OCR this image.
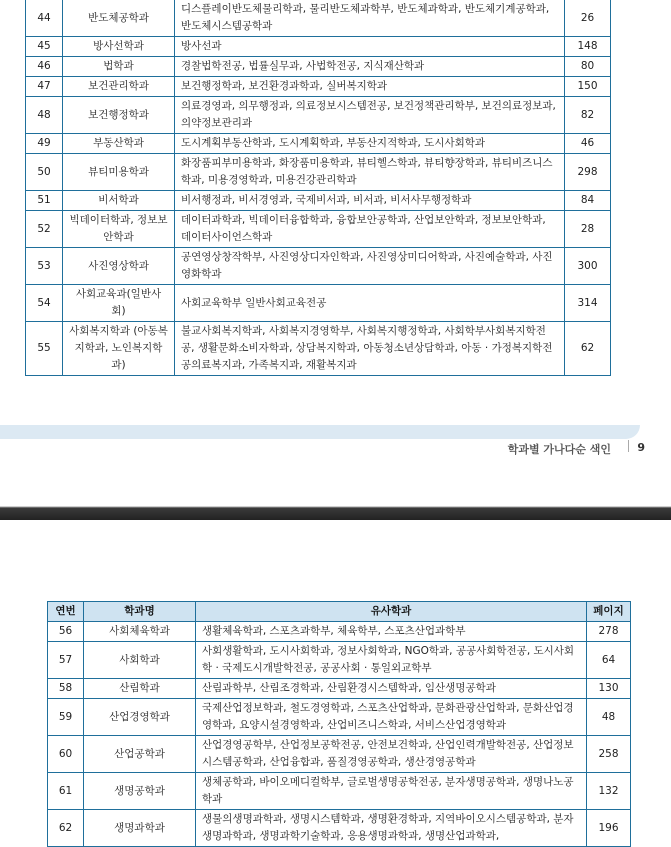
44	반도체공학과	디스플레이반도체물리학과, 물리반도체과학부, 반도체과학과, 반도체기계공학과, 반도체시스템공학과	26
45	방사선학과	방사선과	148
46	법학과	경찰법학전공, 법률실무과, 사법학전공, 지식재산학과	80
47	보건관리학과	보건행정학과, 보건환경과학과, 실버복지학과	150
48	보건행정학과	의료경영과, 의무행정과, 의료정보시스템전공, 보건정책관리학부, 보건의료정보과, 의약정보관리과	82
49	부동산학과	도시계획부동산학과, 도시계획학과, 부동산지적학과, 도시사회학과	46
50	뷰티미용학과	화장품피부미용학과, 화장품미용학과, 뷰티헬스학과, 뷰티향장학과, 뷰티비즈니스학과, 미용경영학과, 미용건강관리학과	298
51	비서학과	비서행정과, 비서경영과, 국제비서과, 비서과, 비서사무행정학과	84
52	빅데이터학과, 정보보안학과	데이터과학과, 빅데이터융합학과, 융합보안공학과, 산업보안학과, 정보보안학과, 데이터사이언스학과	28
53	사진영상학과	공연영상창작학부, 사진영상디자인학과, 사진영상미디어학과, 사진예술학과, 사진영화학과	300
54	사회교육과(일반사회)	사회교육학부 일반사회교육전공	314
55	사회복지학과 (아동복지학과, 노인복지학과)	불교사회복지학과, 사회복지경영학부, 사회복지행정학과, 사회학부사회복지학전공, 생활문화소비자학과, 상담복지학과, 아동청소년상담학과, 아동 · 가정복지학전공의료복지과, 가족복지과, 재활복지과	62
학과별 가나다순 색인 9
연번	학과명	유사학과	페이지
56	사회체육학과	생활체육학과, 스포츠과학부, 체육학부, 스포츠산업과학부	278
57	사회학과	사회생활학과, 도시사회학과, 정보사회학과, NGO학과, 공공사회학전공, 도시사회학 · 국제도시개발학전공, 공공사회 · 통일외교학부	64
58	산림학과	산림과학부, 산림조경학과, 산림환경시스템학과, 임산생명공학과	130
59	산업경영학과	국제산업정보학과, 철도경영학과, 스포츠산업학과, 문화관광산업학과, 문화산업경영학과, 요양시설경영학과, 산업비즈니스학과, 서비스산업경영학과	48
60	산업공학과	산업경영공학부, 산업정보공학전공, 안전보건학과, 산업인력개발학전공, 산업정보시스템공학과, 산업융합과, 품질경영공학과, 생산경영공학과	258
61	생명공학과	생체공학과, 바이오메디컬학부, 글로벌생명공학전공, 분자생명공학과, 생명나노공학과	132
62	생명과학과	생물의생명과학과, 생명시스템학과, 생명환경학과, 지역바이오시스템공학과, 분자생명과학과, 생명과학기술학과, 응용생명과학과, 생명산업과학과,	196
